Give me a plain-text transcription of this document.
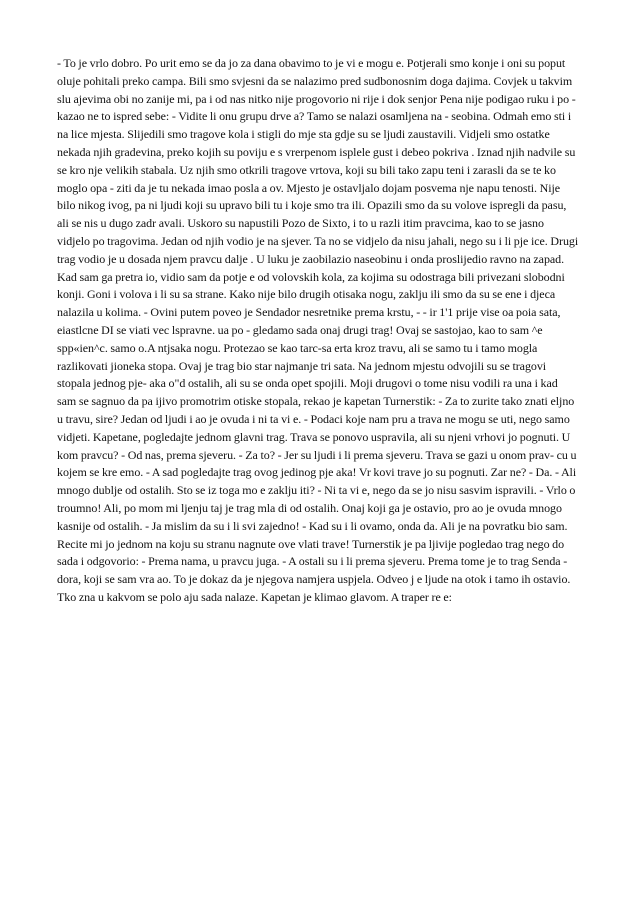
- To je vrlo dobro. Po urit emo se da jo za dana obavimo to je vi e mogu e. Potjerali smo konje i oni su poput oluje pohitali preko campa. Bili smo svjesni da se nalazimo pred sudbonosnim doga dajima. Covjek u takvim slu ajevima obi no zanije mi, pa i od nas nitko nije progovorio ni rije i dok senjor Pena nije podigao ruku i po - kazao ne to ispred sebe: - Vidite li onu grupu drve a? Tamo se nalazi osamljena na - seobina. Odmah emo sti i na lice mjesta. Slijedili smo tragove kola i stigli do mje sta gdje su se ljudi zaustavili. Vidjeli smo ostatke nekada njih gradevina, preko kojih su poviju e s vrerpenom isplele gust i debeo pokriva . Iznad njih nadvile su se kro nje velikih stabala. Uz njih smo otkrili tragove vrtova, koji su bili tako zapu teni i zarasli da se te ko moglo opa - ziti da je tu nekada imao posla a ov. Mjesto je ostavljalo dojam posvema nje napu tenosti. Nije bilo nikog ivog, pa ni ljudi koji su upravo bili tu i koje smo tra ili. Opazili smo da su volove ispregli da pasu, ali se nis u dugo zadr avali. Uskoro su napustili Pozo de Sixto, i to u razli itim pravcima, kao to se jasno vidjelo po tragovima. Jedan od njih vodio je na sjever. Ta no se vidjelo da nisu jahali, nego su i li pje ice. Drugi trag vodio je u dosada njem pravcu dalje . U luku je zaobilazio naseobinu i onda proslijedio ravno na zapad. Kad sam ga pretra io, vidio sam da potje e od volovskih kola, za kojima su odostraga bili privezani slobodni konji. Goni i volova i li su sa strane. Kako nije bilo drugih otisaka nogu, zaklju ili smo da su se ene i djeca nalazila u kolima. - Ovini putem poveo je Sendador nesretnike prema krstu, - - ir 1'1 prije vise oa poia sata, eiastlcne DI se viati vec lspravne. ua po - gledamo sada onaj drugi trag! Ovaj se sastojao, kao to sam ^e spp«ien^c. samo o.A ntjsaka nogu. Protezao se kao tarc-sa erta kroz travu, ali se samo tu i tamo mogla razlikovati jioneka stopa. Ovaj je trag bio star najmanje tri sata. Na jednom mjestu odvojili su se tragovi stopala jednog pje- aka o"d ostalih, ali su se onda opet spojili. Moji drugovi o tome nisu vodili ra una i kad sam se sagnuo da pa ijivo promotrim otiske stopala, rekao je kapetan Turnerstik: - Za to zurite tako znati eljno u travu, sire? Jedan od ljudi i ao je ovuda i ni ta vi e. - Podaci koje nam pru a trava ne mogu se uti, nego samo vidjeti. Kapetane, pogledajte jednom glavni trag. Trava se ponovo uspravila, ali su njeni vrhovi jo pognuti. U kom pravcu? - Od nas, prema sjeveru. - Za to? - Jer su ljudi i li prema sjeveru. Trava se gazi u onom prav- cu u kojem se kre emo. - A sad pogledajte trag ovog jedinog pje aka! Vr kovi trave jo su pognuti. Zar ne? - Da. - Ali mnogo dublje od ostalih. Sto se iz toga mo e zaklju iti? - Ni ta vi e, nego da se jo nisu sasvim ispravili. - Vrlo o troumno! Ali, po mom mi ljenju taj je trag mla di od ostalih. Onaj koji ga je ostavio, pro ao je ovuda mnogo kasnije od ostalih. - Ja mislim da su i li svi zajedno! - Kad su i li ovamo, onda da. Ali je na povratku bio sam. Recite mi jo jednom na koju su stranu nagnute ove vlati trave! Turnerstik je pa ljivije pogledao trag nego do sada i odgovorio: - Prema nama, u pravcu juga. - A ostali su i li prema sjeveru. Prema tome je to trag Senda - dora, koji se sam vra ao. To je dokaz da je njegova namjera uspjela. Odveo j e ljude na otok i tamo ih ostavio. Tko zna u kakvom se polo aju sada nalaze. Kapetan je klimao glavom. A traper re e:
